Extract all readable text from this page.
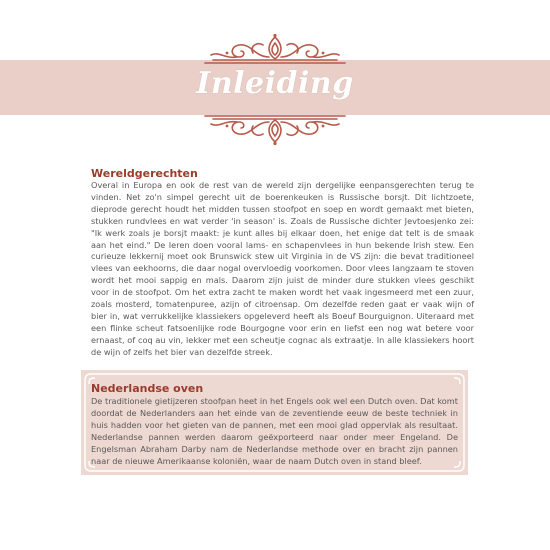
Inleiding
Wereldgerechten

Overal in Europa en ook de rest van de wereld zijn dergelijke eenpansgerechten terug te vinden. Net zo'n simpel gerecht uit de boerenkeuken is Russische borsjt. Dit lichtzoete, dieprode gerecht houdt het midden tussen stoofpot en soep en wordt gemaakt met bieten, stukken rundvlees en wat verder 'in season' is. Zoals de Russische dichter Jevtoesjenko zei: "Ik werk zoals je borsjt maakt: je kunt alles bij elkaar doen, het enige dat telt is de smaak aan het eind." De Ieren doen vooral lams- en schapenvlees in hun bekende Irish stew. Een curieuze lekkernij moet ook Brunswick stew uit Virginia in de VS zijn: die bevat traditioneel vlees van eekhoorns, die daar nogal overvloedig voorkomen. Door vlees langzaam te stoven wordt het mooi sappig en mals. Daarom zijn juist de minder dure stukken vlees geschikt voor in de stoofpot. Om het extra zacht te maken wordt het vaak ingesmeerd met een zuur, zoals mosterd, tomatenpuree, azijn of citroensap. Om dezelfde reden gaat er vaak wijn of bier in, wat verrukkelijke klassiekers opgeleverd heeft als Boeuf Bourguignon. Uiteraard met een flinke scheut fatsoenlijke rode Bourgogne voor erin en liefst een nog wat betere voor ernaast, of coq au vin, lekker met een scheutje cognac als extraatje. In alle klassiekers hoort de wijn of zelfs het bier van dezelfde streek.

Nederlandse oven

De traditionele gietijzeren stoofpan heet in het Engels ook wel een Dutch oven. Dat komt doordat de Nederlanders aan het einde van de zeventiende eeuw de beste techniek in huis hadden voor het gieten van de pannen, met een mooi glad oppervlak als resultaat. Nederlandse pannen werden daarom geëxporteerd naar onder meer Engeland. De Engelsman Abraham Darby nam de Nederlandse methode over en bracht zijn pannen naar de nieuwe Amerikaanse koloniën, waar de naam Dutch oven in stand bleef.
